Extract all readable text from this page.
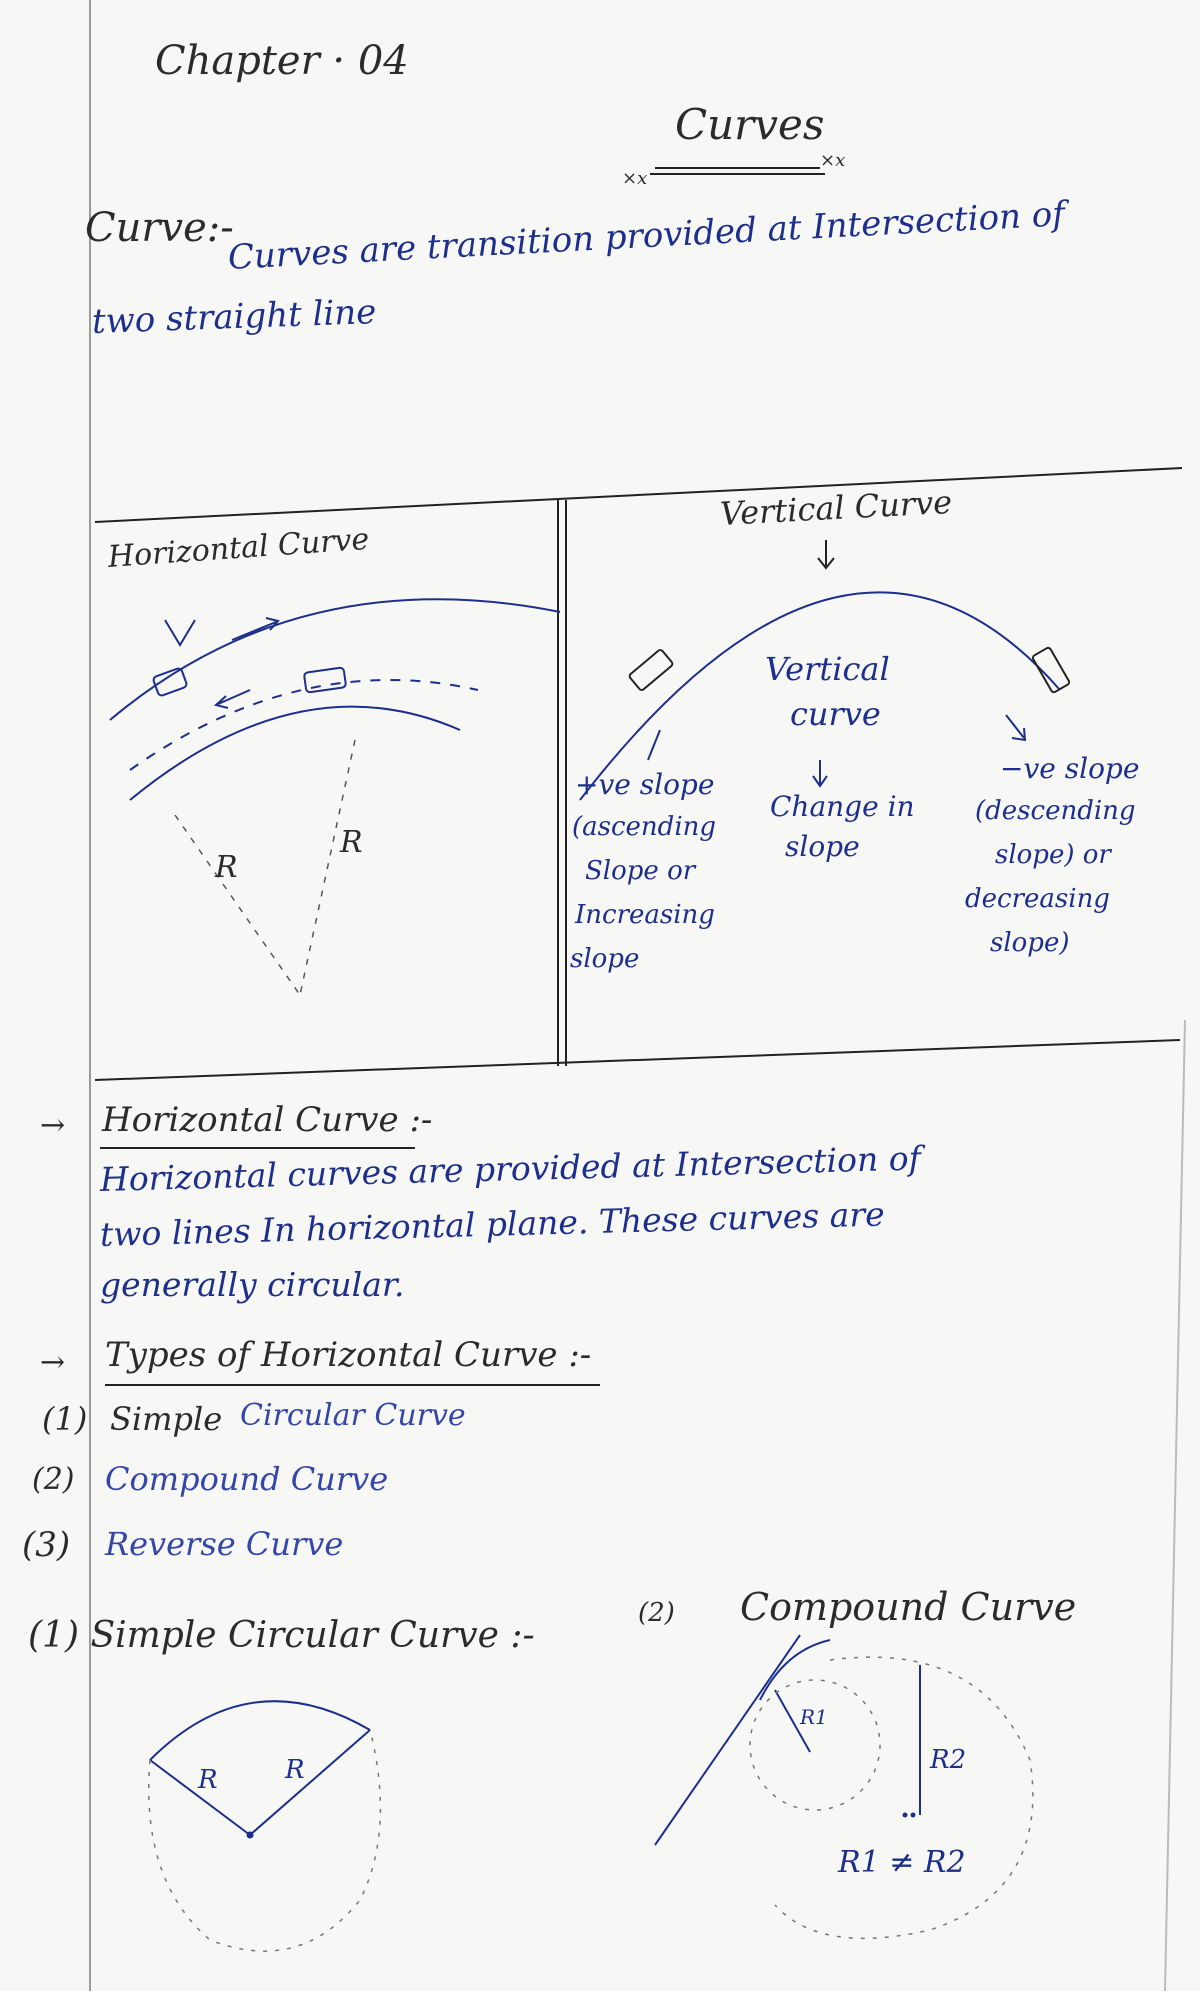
Chapter · 04
×x
Curves
×x
Curve:-
Curves are transition provided at Intersection of
two straight line
Horizontal Curve
R
R
Vertical Curve
Vertical
curve
Change in
slope
+ve slope
(ascending
Slope or
Increasing
slope
−ve slope
(descending
slope) or
decreasing
slope)
→ Horizontal Curve :-
Horizontal curves are provided at Intersection of
two lines In horizontal plane. These curves are
generally circular.
→ Types of Horizontal Curve :-
(1) Simple Circular Curve
(2) Compound Curve
(3) Reverse Curve
(1) Simple Circular Curve :-
R	R
(2) Compound Curve
R1
R2
R1 ≠ R2
